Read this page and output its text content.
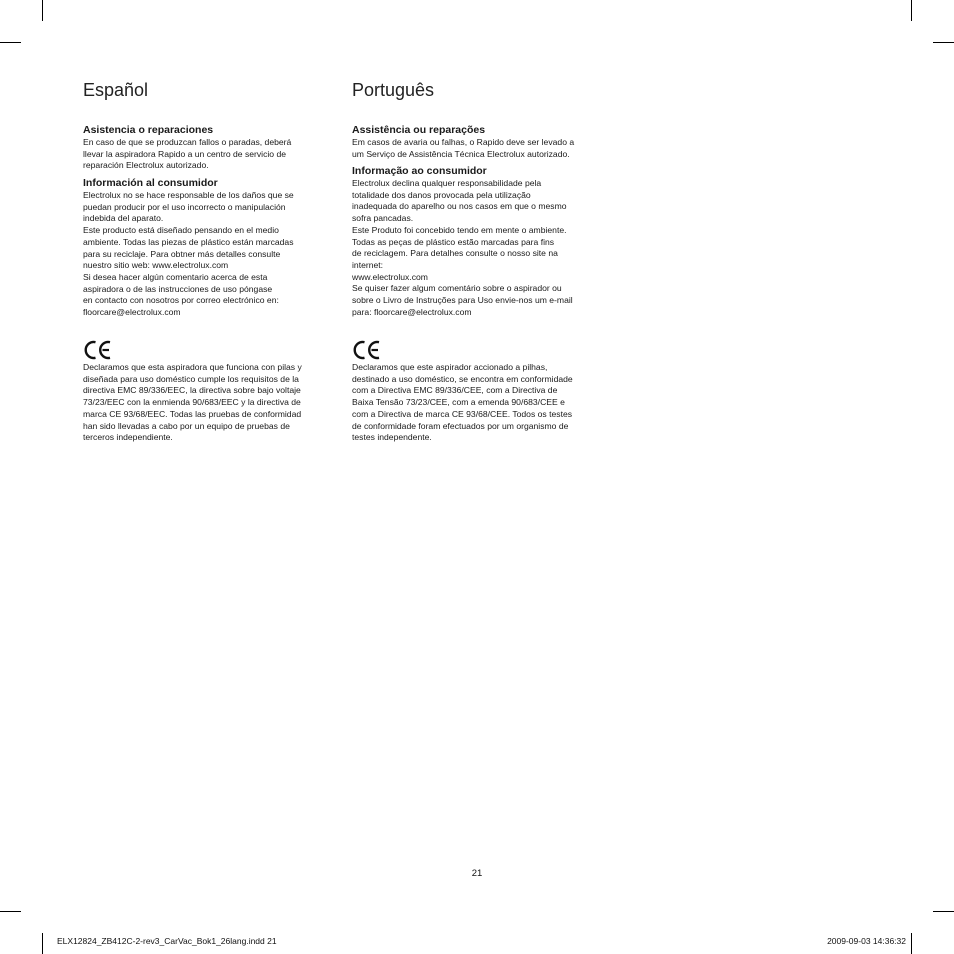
Español
Asistencia o reparaciones

En caso de que se produzcan fallos o paradas, deberá
llevar la aspiradora Rapido a un centro de servicio de
reparación Electrolux autorizado.

Información al consumidor

Electrolux no se hace responsable de los daños que se
puedan producir por el uso incorrecto o manipulación
indebida del aparato.
Este producto está diseñado pensando en el medio
ambiente. Todas las piezas de plástico están marcadas
para su reciclaje. Para obtner más detalles consulte
nuestro sitio web: www.electrolux.com
Si desea hacer algún comentario acerca de esta
aspiradora o de las instrucciones de uso póngase
en contacto con nosotros por correo electrónico en:
floorcare@electrolux.com

Declaramos que esta aspiradora que funciona con pilas y
diseñada para uso doméstico cumple los requisitos de la
directiva EMC 89/336/EEC, la directiva sobre bajo voltaje
73/23/EEC con la enmienda 90/683/EEC y la directiva de
marca CE 93/68/EEC. Todas las pruebas de conformidad
han sido llevadas a cabo por un equipo de pruebas de
terceros independiente.

Português
Assistência ou reparações

Em casos de avaria ou falhas, o Rapido deve ser levado a
um Serviço de Assistência Técnica Electrolux autorizado.

Informação ao consumidor

Electrolux declina qualquer responsabilidade pela
totalidade dos danos provocada pela utilização
inadequada do aparelho ou nos casos em que o mesmo
sofra pancadas.
Este Produto foi concebido tendo em mente o ambiente.
Todas as peças de plástico estão marcadas para fins
de reciclagem. Para detalhes consulte o nosso site na
internet:
www.electrolux.com
Se quiser fazer algum comentário sobre o aspirador ou
sobre o Livro de Instruções para Uso envie-nos um e-mail
para: floorcare@electrolux.com

Declaramos que este aspirador accionado a pilhas,
destinado a uso doméstico, se encontra em conformidade
com a Directiva EMC 89/336/CEE, com a Directiva de
Baixa Tensão 73/23/CEE, com a emenda 90/683/CEE e
com a Directiva de marca CE 93/68/CEE. Todos os testes
de conformidade foram efectuados por um organismo de
testes independente.

21
ELX12824_ZB412C-2-rev3_CarVac_Bok1_26lang.indd 21	2009-09-03 14:36:32
